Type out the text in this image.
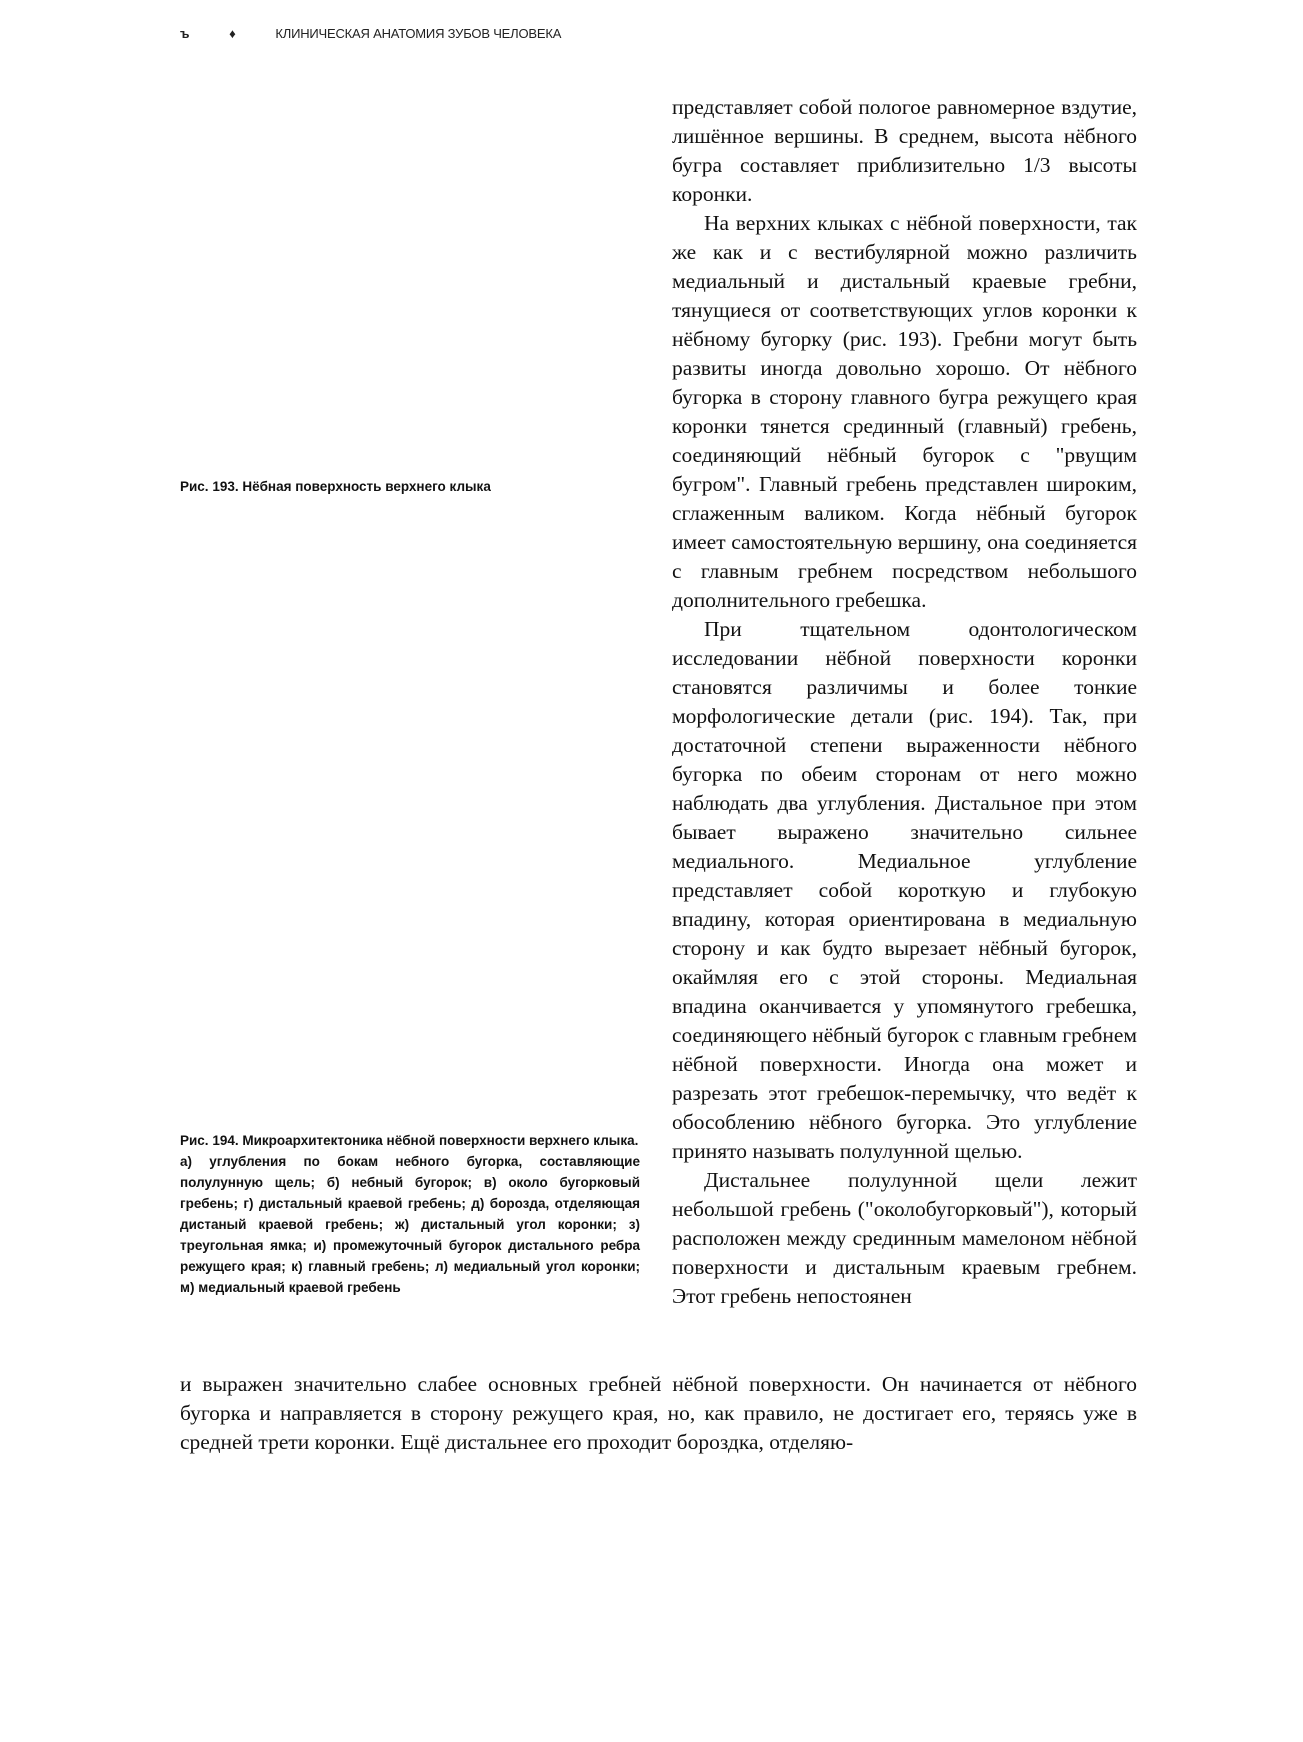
ъ	♦	КЛИНИЧЕСКАЯ АНАТОМИЯ ЗУБОВ ЧЕЛОВЕКА
Рис. 193. Нёбная поверхность верхнего клыка
Рис. 194. Микроархитектоника нёбной поверхности верхнего клыка.
а) углубления по бокам небного бугорка, составляющие полулунную щель; б) небный бугорок; в) около бугорковый гребень; г) дистальный краевой гребень; д) борозда, отделяющая дистаный краевой гребень; ж) дистальный угол коронки; з) треугольная ямка; и) промежуточный бугорок дистального ребра режущего края; к) главный гребень; л) медиальный угол коронки; м) медиальный краевой гребень

представляет собой пологое равномерное вздутие, лишённое вершины. В среднем, высота нёбного бугра составляет приблизительно 1/3 высоты коронки.

На верхних клыках с нёбной поверхности, так же как и с вестибулярной можно различить медиальный и дистальный краевые гребни, тянущиеся от соответствующих углов коронки к нёбному бугорку (рис. 193). Гребни могут быть развиты иногда довольно хорошо. От нёбного бугорка в сторону главного бугра режущего края коронки тянется срединный (главный) гребень, соединяющий нёбный бугорок с "рвущим бугром". Главный гребень представлен широким, сглаженным валиком. Когда нёбный бугорок имеет самостоятельную вершину, она соединяется с главным гребнем посредством небольшого дополнительного гребешка.

При тщательном одонтологическом исследовании нёбной поверхности коронки становятся различимы и более тонкие морфологические детали (рис. 194). Так, при достаточной степени выраженности нёбного бугорка по обеим сторонам от него можно наблюдать два углубления. Дистальное при этом бывает выражено значительно сильнее медиального. Медиальное углубление представляет собой короткую и глубокую впадину, которая ориентирована в медиальную сторону и как будто вырезает нёбный бугорок, окаймляя его с этой стороны. Медиальная впадина оканчивается у упомянутого гребешка, соединяющего нёбный бугорок с главным гребнем нёбной поверхности. Иногда она может и разрезать этот гребешок-перемычку, что ведёт к обособлению нёбного бугорка. Это углубление принято называть полулунной щелью.

Дистальнее полулунной щели лежит небольшой гребень ("околобугорковый"), который расположен между срединным мамелоном нёбной поверхности и дистальным краевым гребнем. Этот гребень непостоянен

и выражен значительно слабее основных гребней нёбной поверхности. Он начинается от нёбного бугорка и направляется в сторону режущего края, но, как правило, не достигает его, теряясь уже в средней трети коронки. Ещё дистальнее его проходит бороздка, отделяю-
